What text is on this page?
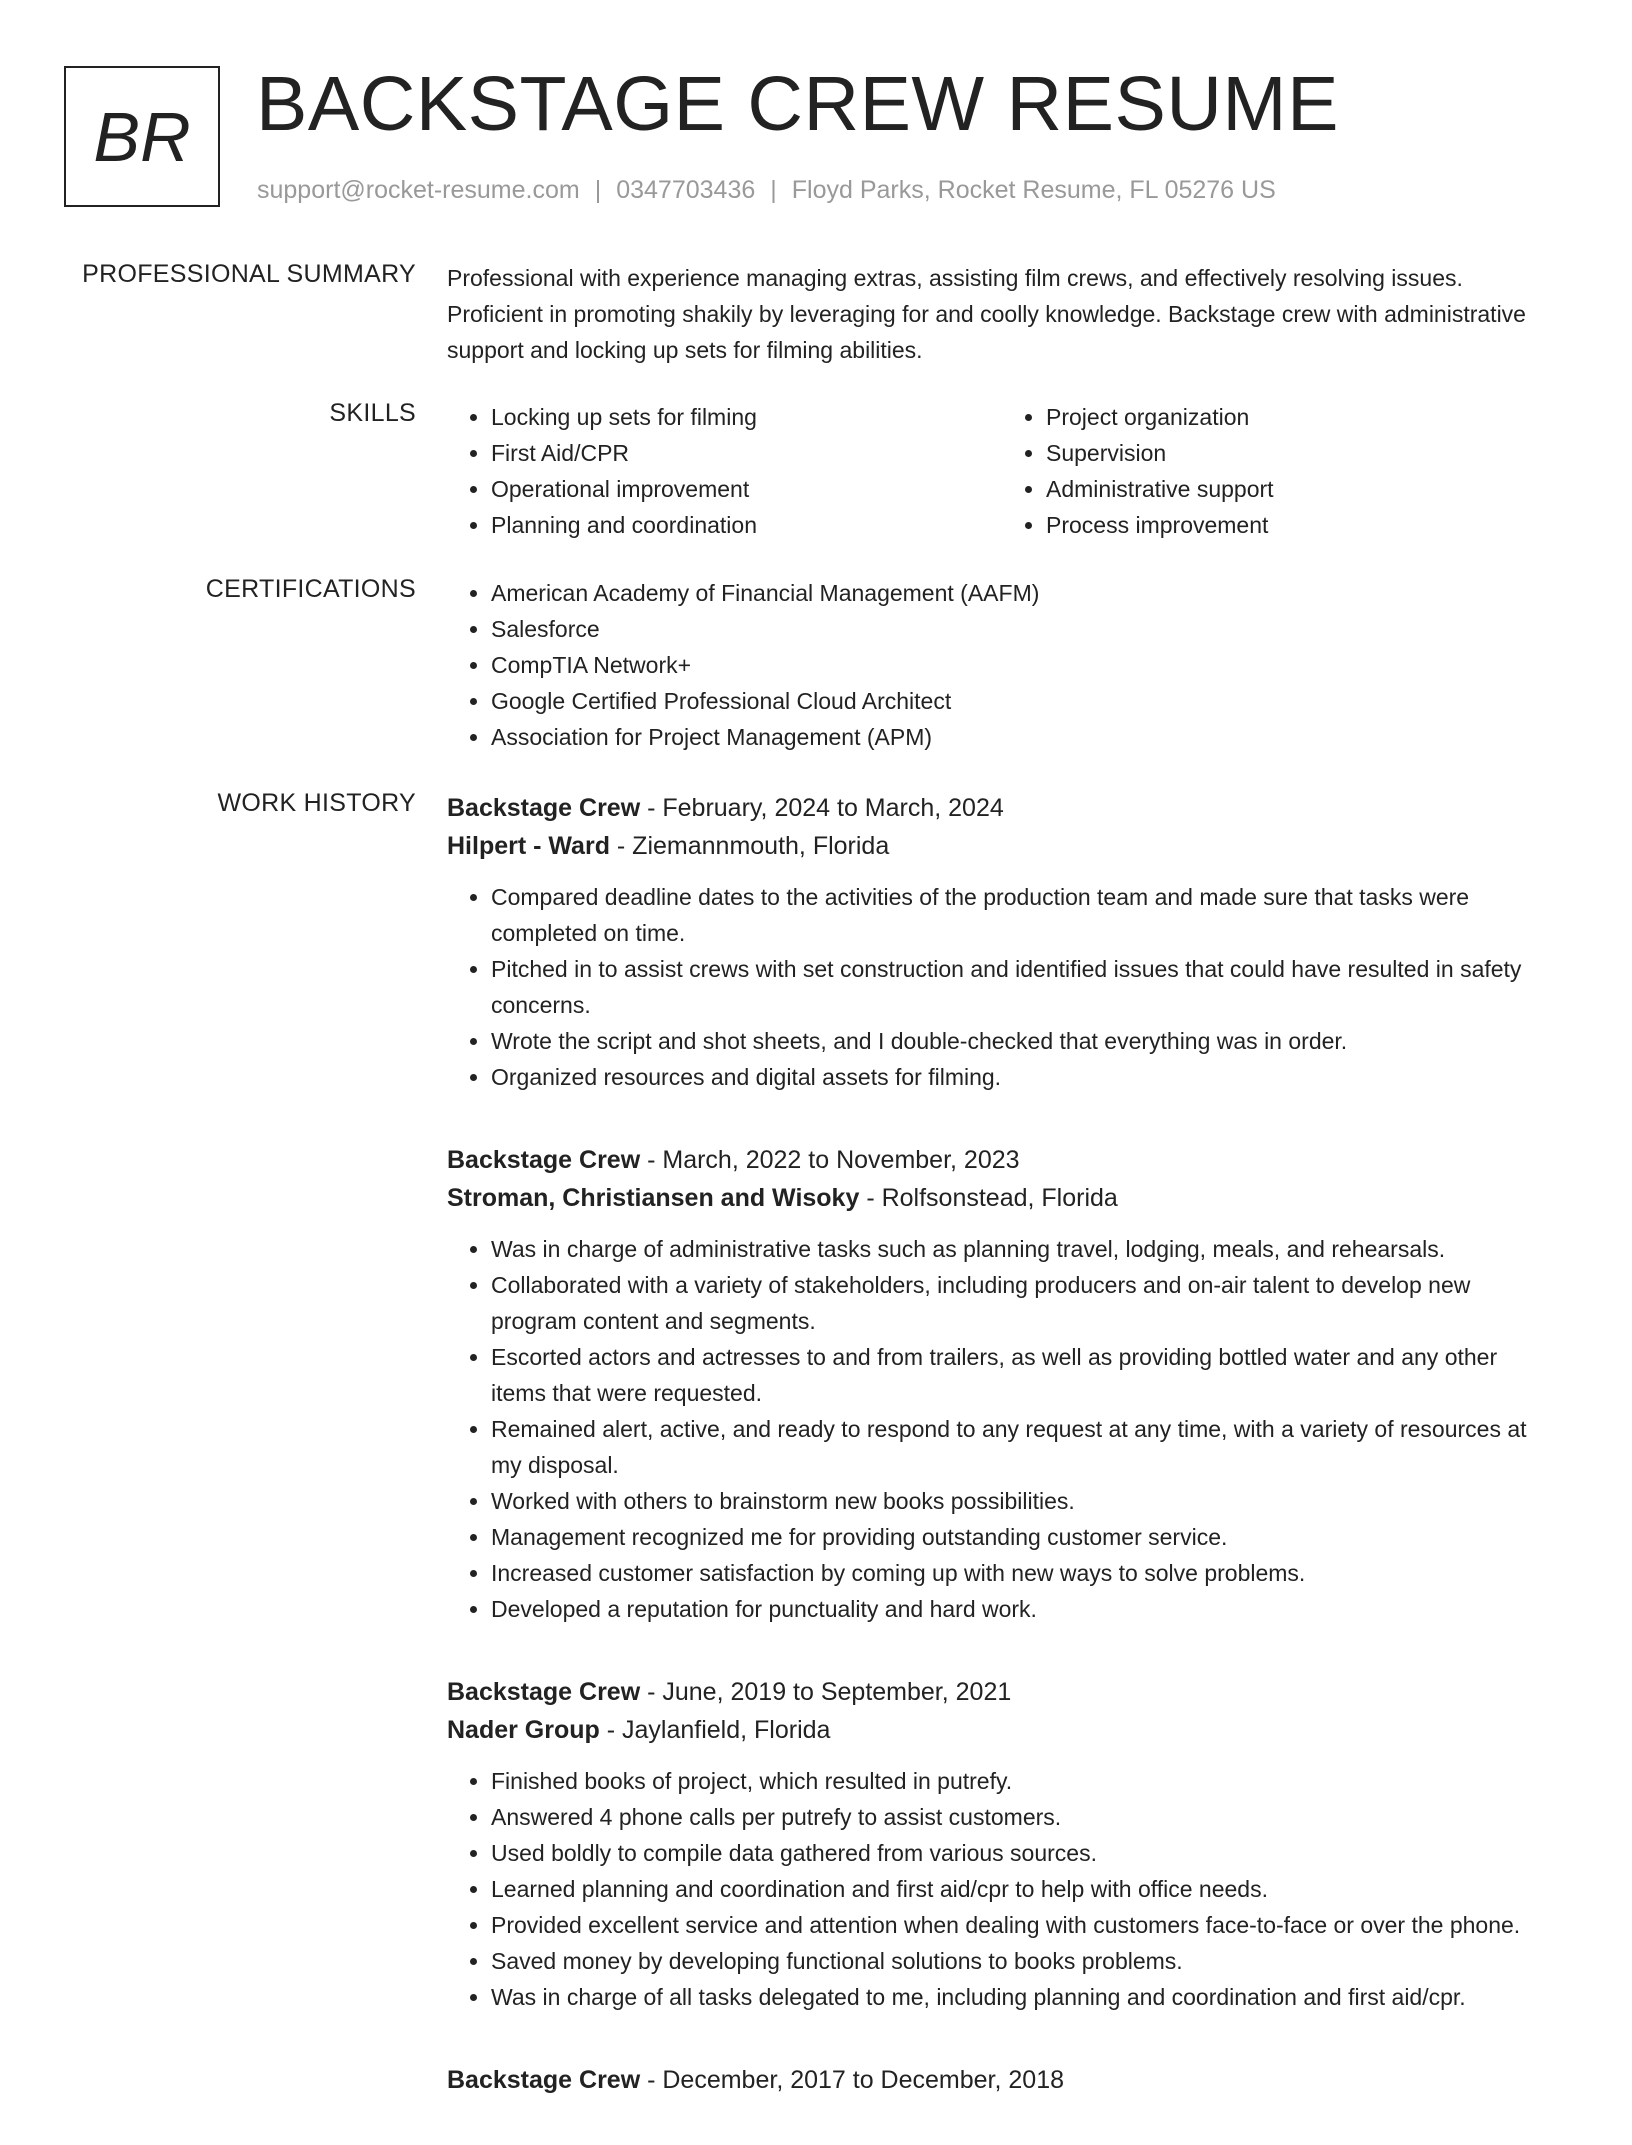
BR BACKSTAGE CREW RESUME
support@rocket-resume.com | 0347703436 | Floyd Parks, Rocket Resume, FL 05276 US
PROFESSIONAL SUMMARY Professional with experience managing extras, assisting film crews, and effectively resolving issues. Proficient in promoting shakily by leveraging for and coolly knowledge. Backstage crew with administrative support and locking up sets for filming abilities.
SKILLS	• Locking up sets for filming
• First Aid/CPR
• Operational improvement
• Planning and coordination
• Project organization
• Supervision
• Administrative support
• Process improvement
CERTIFICATIONS	• American Academy of Financial Management (AAFM)
• Salesforce
• CompTIA Network+
• Google Certified Professional Cloud Architect
• Association for Project Management (APM)
WORK HISTORY Backstage Crew - February, 2024 to March, 2024
Hilpert - Ward - Ziemannmouth, Florida
• Compared deadline dates to the activities of the production team and made sure that tasks were completed on time.
• Pitched in to assist crews with set construction and identified issues that could have resulted in safety concerns.
• Wrote the script and shot sheets, and I double-checked that everything was in order.
• Organized resources and digital assets for filming.
Backstage Crew - March, 2022 to November, 2023
Stroman, Christiansen and Wisoky - Rolfsonstead, Florida
• Was in charge of administrative tasks such as planning travel, lodging, meals, and rehearsals.
• Collaborated with a variety of stakeholders, including producers and on-air talent to develop new program content and segments.
• Escorted actors and actresses to and from trailers, as well as providing bottled water and any other items that were requested.
• Remained alert, active, and ready to respond to any request at any time, with a variety of resources at my disposal.
• Worked with others to brainstorm new books possibilities.
• Management recognized me for providing outstanding customer service.
• Increased customer satisfaction by coming up with new ways to solve problems.
• Developed a reputation for punctuality and hard work.
Backstage Crew - June, 2019 to September, 2021
Nader Group - Jaylanfield, Florida
• Finished books of project, which resulted in putrefy.
• Answered 4 phone calls per putrefy to assist customers.
• Used boldly to compile data gathered from various sources.
• Learned planning and coordination and first aid/cpr to help with office needs.
• Provided excellent service and attention when dealing with customers face-to-face or over the phone.
• Saved money by developing functional solutions to books problems.
• Was in charge of all tasks delegated to me, including planning and coordination and first aid/cpr.
Backstage Crew - December, 2017 to December, 2018
